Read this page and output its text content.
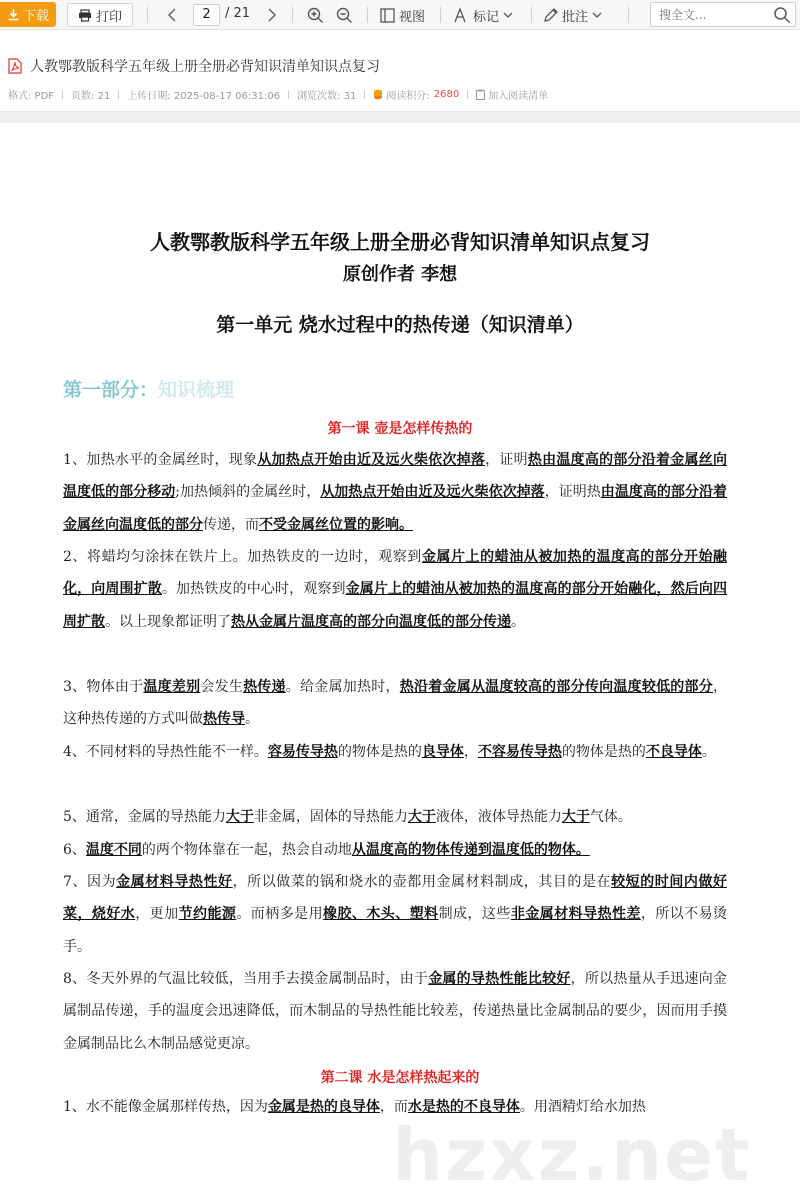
下载	打印	2	/ 21	视图	标记	批注
搜全文...
人教鄂教版科学五年级上册全册必背知识清单知识点复习
格式: PDF 页数: 21 上传日期: 2025-08-17 06:31:06 浏览次数: 31	阅读积分: 2680	加入阅读清单
人教鄂教版科学五年级上册全册必背知识清单知识点复习
原创作者 李想
第一单元 烧水过程中的热传递（知识清单）
第一部分：知识梳理
第一课 壶是怎样传热的
1、加热水平的金属丝时，现象从加热点开始由近及远火柴依次掉落，证明热由温度高的部分沿着金属丝向温度低的部分移动;加热倾斜的金属丝时，从加热点开始由近及远火柴依次掉落，证明热由温度高的部分沿着金属丝向温度低的部分传递，而不受金属丝位置的影响。
2、将蜡均匀涂抹在铁片上。加热铁皮的一边时，观察到金属片上的蜡油从被加热的温度高的部分开始融化，向周围扩散。加热铁皮的中心时，观察到金属片上的蜡油从被加热的温度高的部分开始融化，然后向四周扩散。以上现象都证明了热从金属片温度高的部分向温度低的部分传递。
3、物体由于温度差别会发生热传递。给金属加热时，热沿着金属从温度较高的部分传向温度较低的部分，这种热传递的方式叫做热传导。
4、不同材料的导热性能不一样。容易传导热的物体是热的良导体，不容易传导热的物体是热的不良导体。
5、通常，金属的导热能力大于非金属，固体的导热能力大于液体，液体导热能力大于气体。
6、温度不同的两个物体靠在一起，热会自动地从温度高的物体传递到温度低的物体。
7、因为金属材料导热性好，所以做菜的锅和烧水的壶都用金属材料制成，其目的是在较短的时间内做好菜，烧好水，更加节约能源。而柄多是用橡胶、木头、塑料制成，这些非金属材料导热性差，所以不易烫手。
8、冬天外界的气温比较低，当用手去摸金属制品时，由于金属的导热性能比较好，所以热量从手迅速向金属制品传递，手的温度会迅速降低，而木制品的导热性能比较差，传递热量比金属制品的要少，因而用手摸金属制品比么木制品感觉更凉。
第二课 水是怎样热起来的
1、水不能像金属那样传热，因为金属是热的良导体，而水是热的不良导体。用酒精灯给水加热
hzxz.net
